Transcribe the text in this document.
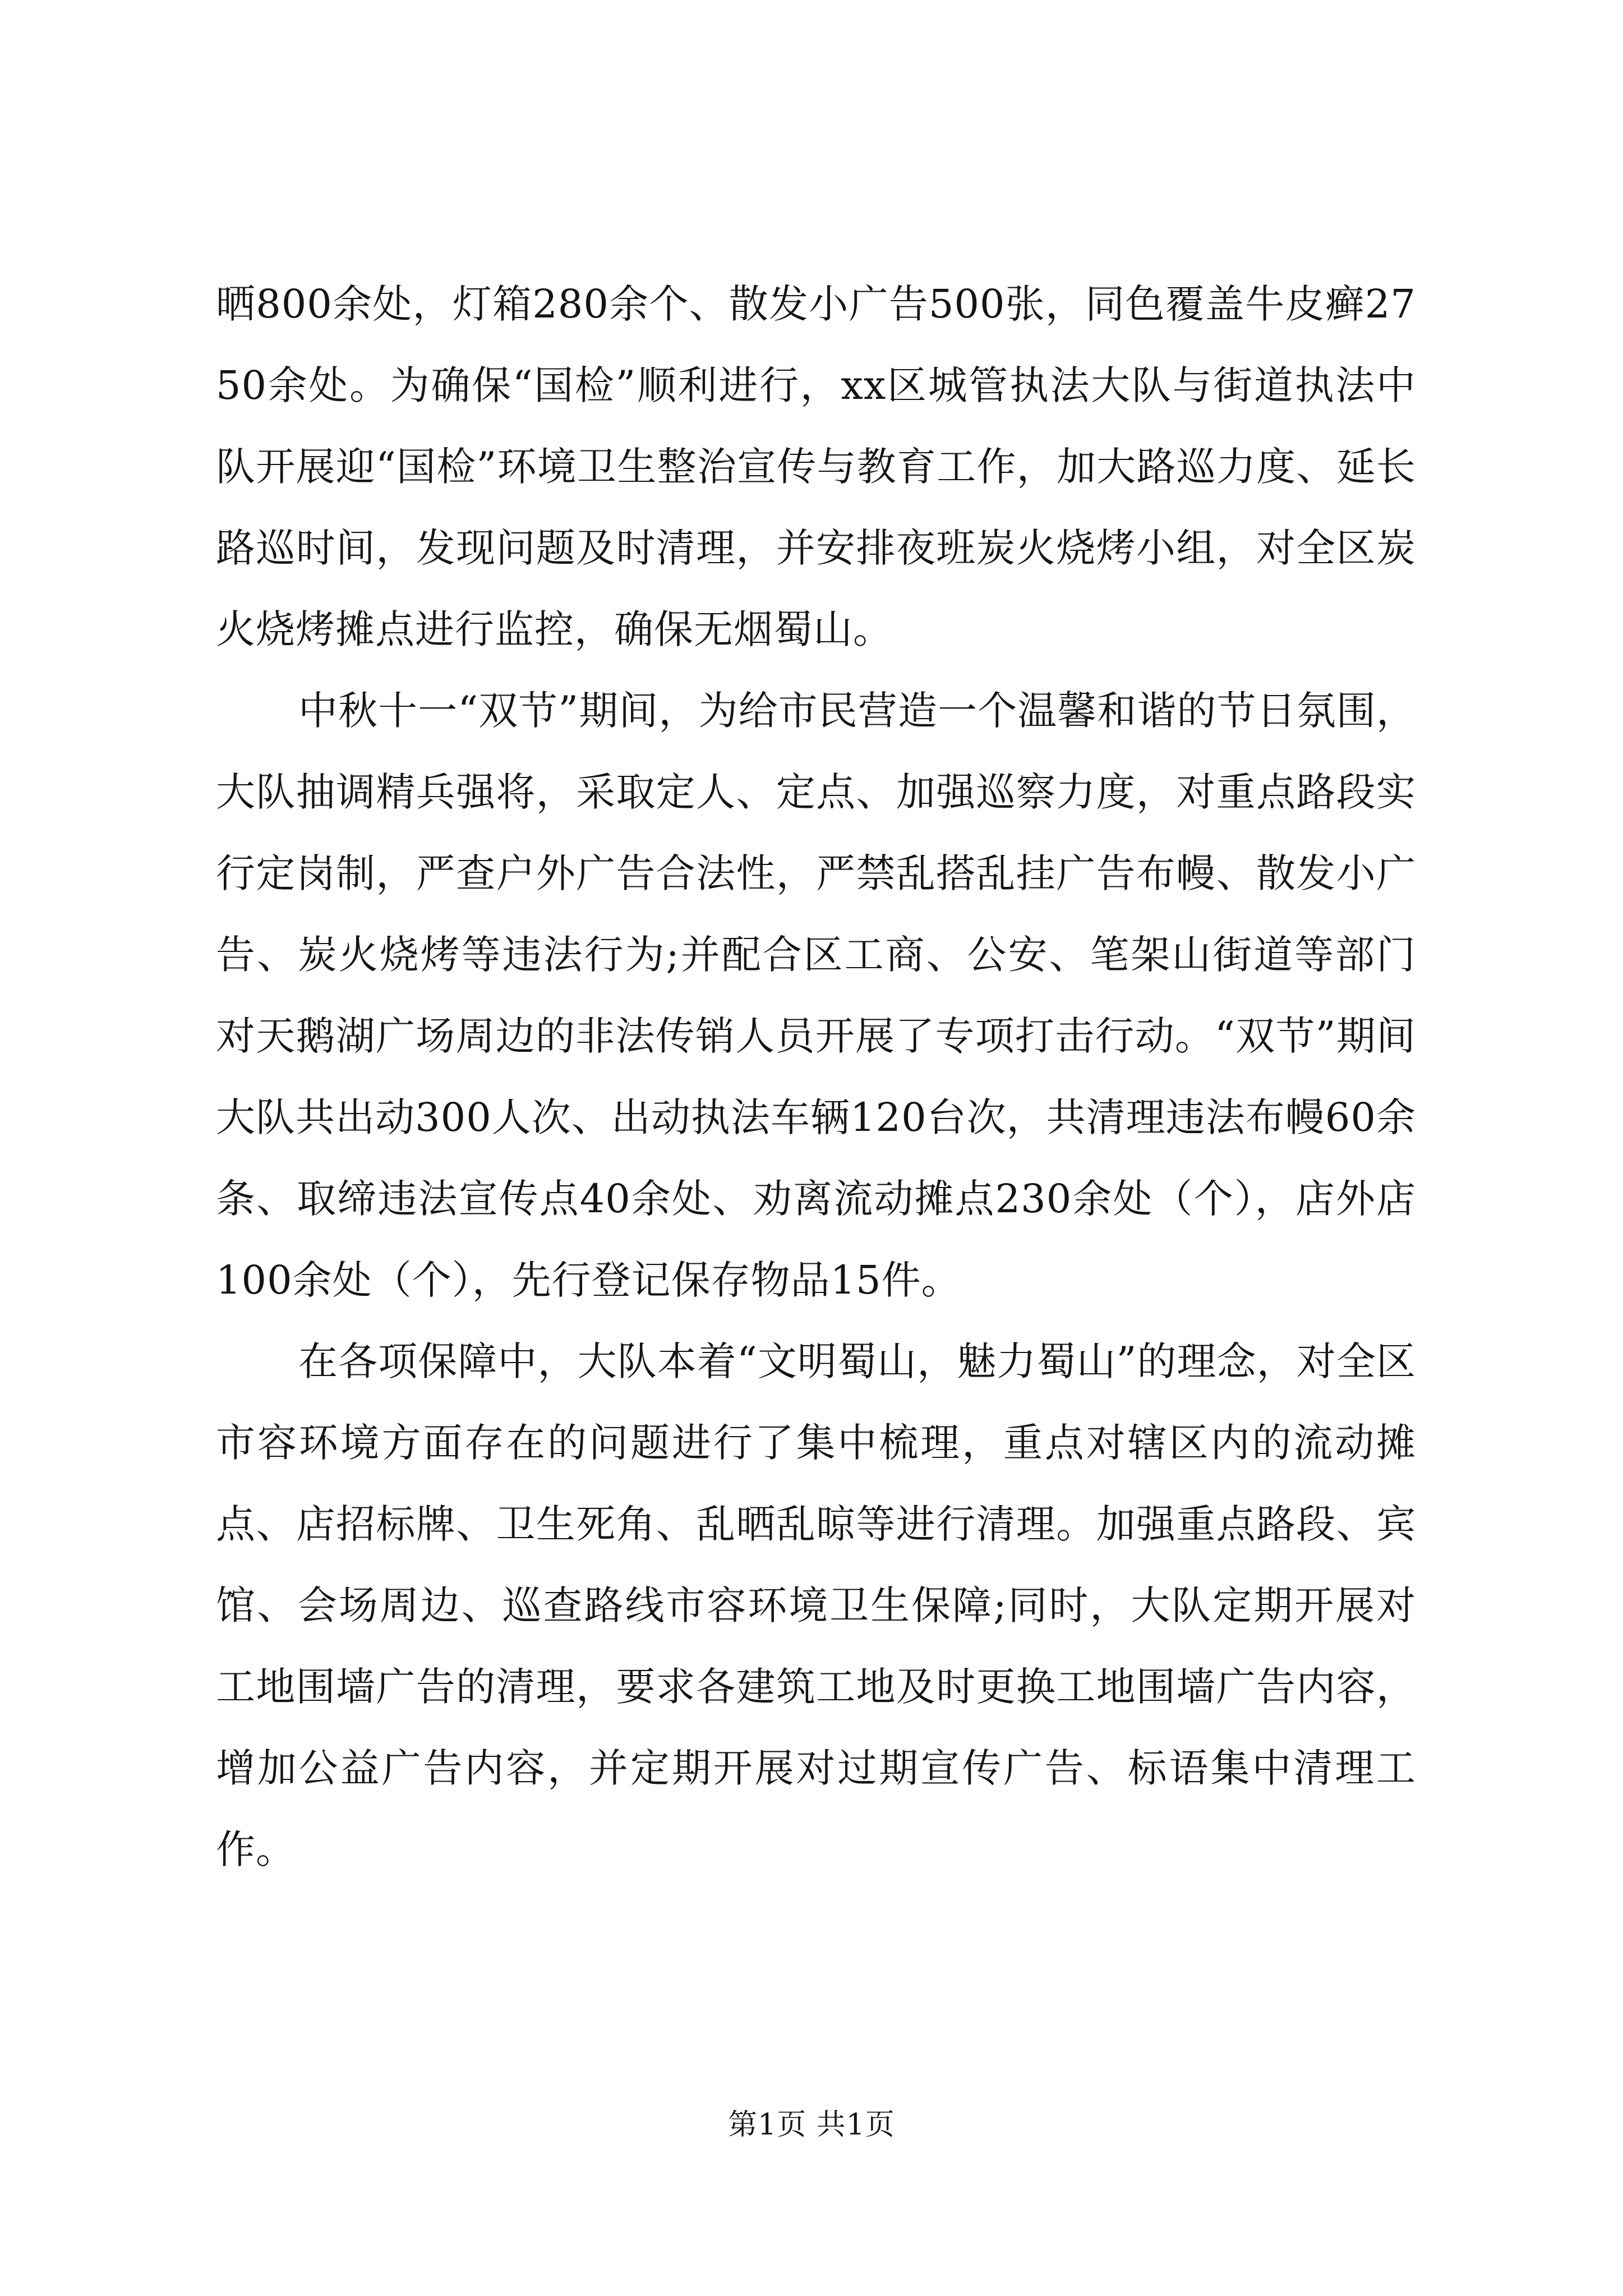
晒800余处，灯箱280余个、散发小广告500张，同色覆盖牛皮癣2750余处。为确保“国检”顺利进行，xx区城管执法大队与街道执法中队开展迎“国检”环境卫生整治宣传与教育工作，加大路巡力度、延长路巡时间，发现问题及时清理，并安排夜班炭火烧烤小组，对全区炭火烧烤摊点进行监控，确保无烟蜀山。

中秋十一“双节”期间，为给市民营造一个温馨和谐的节日氛围，大队抽调精兵强将，采取定人、定点、加强巡察力度，对重点路段实行定岗制，严查户外广告合法性，严禁乱搭乱挂广告布幔、散发小广告、炭火烧烤等违法行为;并配合区工商、公安、笔架山街道等部门对天鹅湖广场周边的非法传销人员开展了专项打击行动。“双节”期间大队共出动300人次、出动执法车辆120台次，共清理违法布幔60余条、取缔违法宣传点40余处、劝离流动摊点230余处（个），店外店100余处（个），先行登记保存物品15件。

在各项保障中，大队本着“文明蜀山，魅力蜀山”的理念，对全区市容环境方面存在的问题进行了集中梳理，重点对辖区内的流动摊点、店招标牌、卫生死角、乱晒乱晾等进行清理。加强重点路段、宾馆、会场周边、巡查路线市容环境卫生保障;同时，大队定期开展对工地围墙广告的清理，要求各建筑工地及时更换工地围墙广告内容，增加公益广告内容，并定期开展对过期宣传广告、标语集中清理工作。

第1页 共1页
